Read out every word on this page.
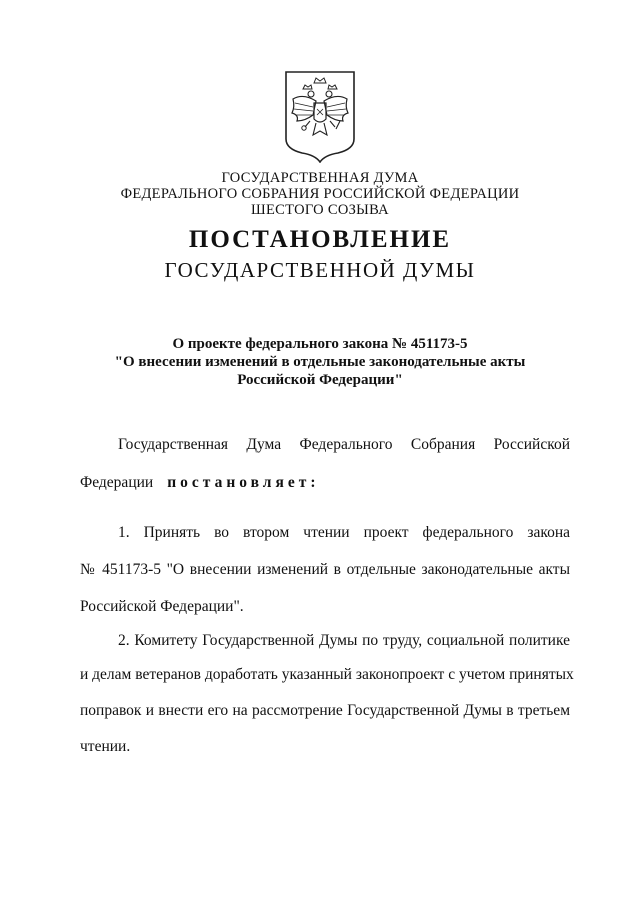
ГОСУДАРСТВЕННАЯ ДУМА
ФЕДЕРАЛЬНОГО СОБРАНИЯ РОССИЙСКОЙ ФЕДЕРАЦИИ
ШЕСТОГО СОЗЫВА
ПОСТАНОВЛЕНИЕ
ГОСУДАРСТВЕННОЙ ДУМЫ
О проекте федерального закона № 451173-5
"О внесении изменений в отдельные законодательные акты
Российской Федерации"
Государственная Дума Федерального Собрания Российской
Федерации постановляет:
1. Принять во втором чтении проект федерального закона
№ 451173-5 "О внесении изменений в отдельные законодательные акты
Российской Федерации".
2. Комитету Государственной Думы по труду, социальной политике
и делам ветеранов доработать указанный законопроект с учетом принятых
поправок и внести его на рассмотрение Государственной Думы в третьем
чтении.
